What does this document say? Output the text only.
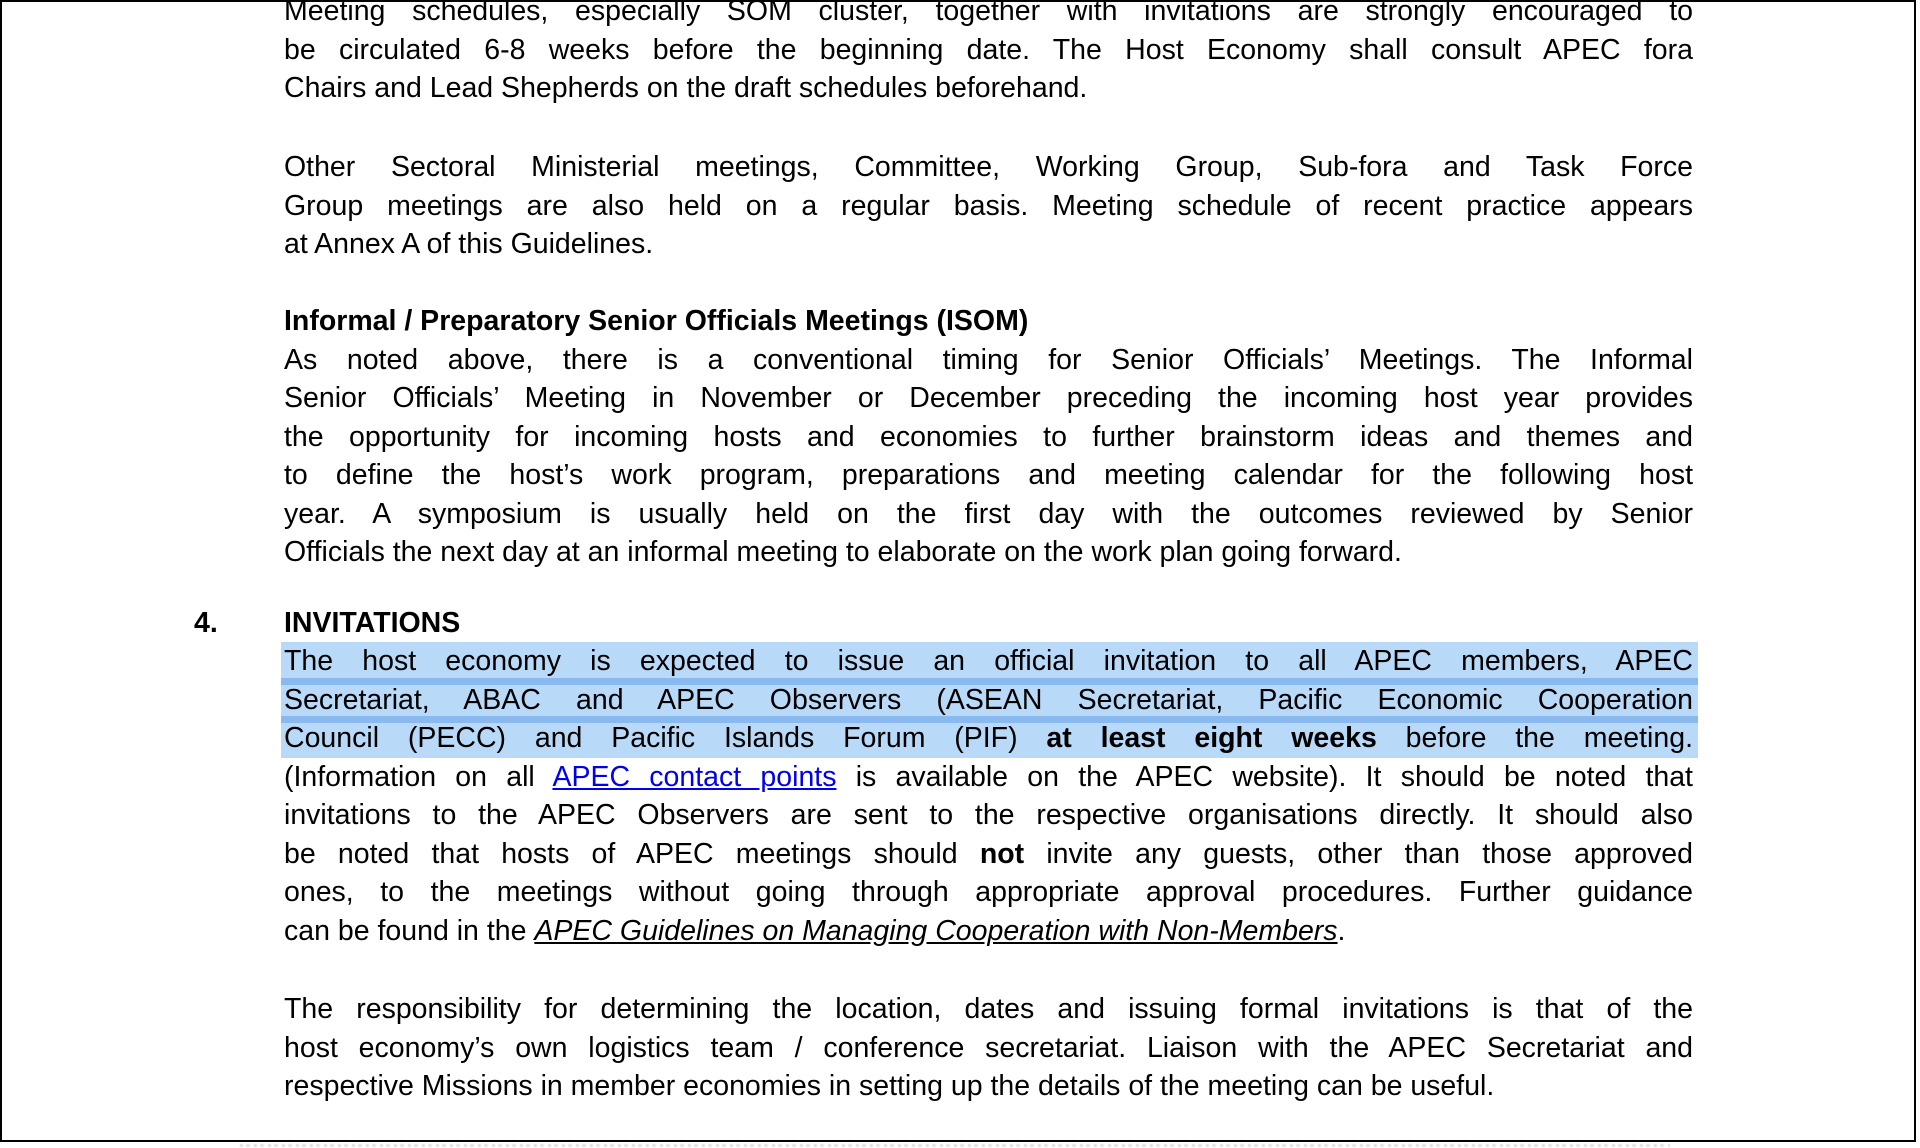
Meeting schedules, especially SOM cluster, together with invitations are strongly encouraged to
be circulated 6-8 weeks before the beginning date. The Host Economy shall consult APEC fora
Chairs and Lead Shepherds on the draft schedules beforehand.
Other Sectoral Ministerial meetings, Committee, Working Group, Sub-fora and Task Force
Group meetings are also held on a regular basis. Meeting schedule of recent practice appears
at Annex A of this Guidelines.
Informal / Preparatory Senior Officials Meetings (ISOM)
As noted above, there is a conventional timing for Senior Officials’ Meetings. The Informal
Senior Officials’ Meeting in November or December preceding the incoming host year provides
the opportunity for incoming hosts and economies to further brainstorm ideas and themes and
to define the host’s work program, preparations and meeting calendar for the following host
year. A symposium is usually held on the first day with the outcomes reviewed by Senior
Officials the next day at an informal meeting to elaborate on the work plan going forward.
4. INVITATIONS
The host economy is expected to issue an official invitation to all APEC members, APEC
Secretariat, ABAC and APEC Observers (ASEAN Secretariat, Pacific Economic Cooperation
Council (PECC) and Pacific Islands Forum (PIF) at least eight weeks before the meeting.
(Information on all APEC contact points is available on the APEC website). It should be noted that
invitations to the APEC Observers are sent to the respective organisations directly. It should also
be noted that hosts of APEC meetings should not invite any guests, other than those approved
ones, to the meetings without going through appropriate approval procedures. Further guidance
can be found in the APEC Guidelines on Managing Cooperation with Non-Members.
The responsibility for determining the location, dates and issuing formal invitations is that of the
host economy’s own logistics team / conference secretariat. Liaison with the APEC Secretariat and
respective Missions in member economies in setting up the details of the meeting can be useful.
